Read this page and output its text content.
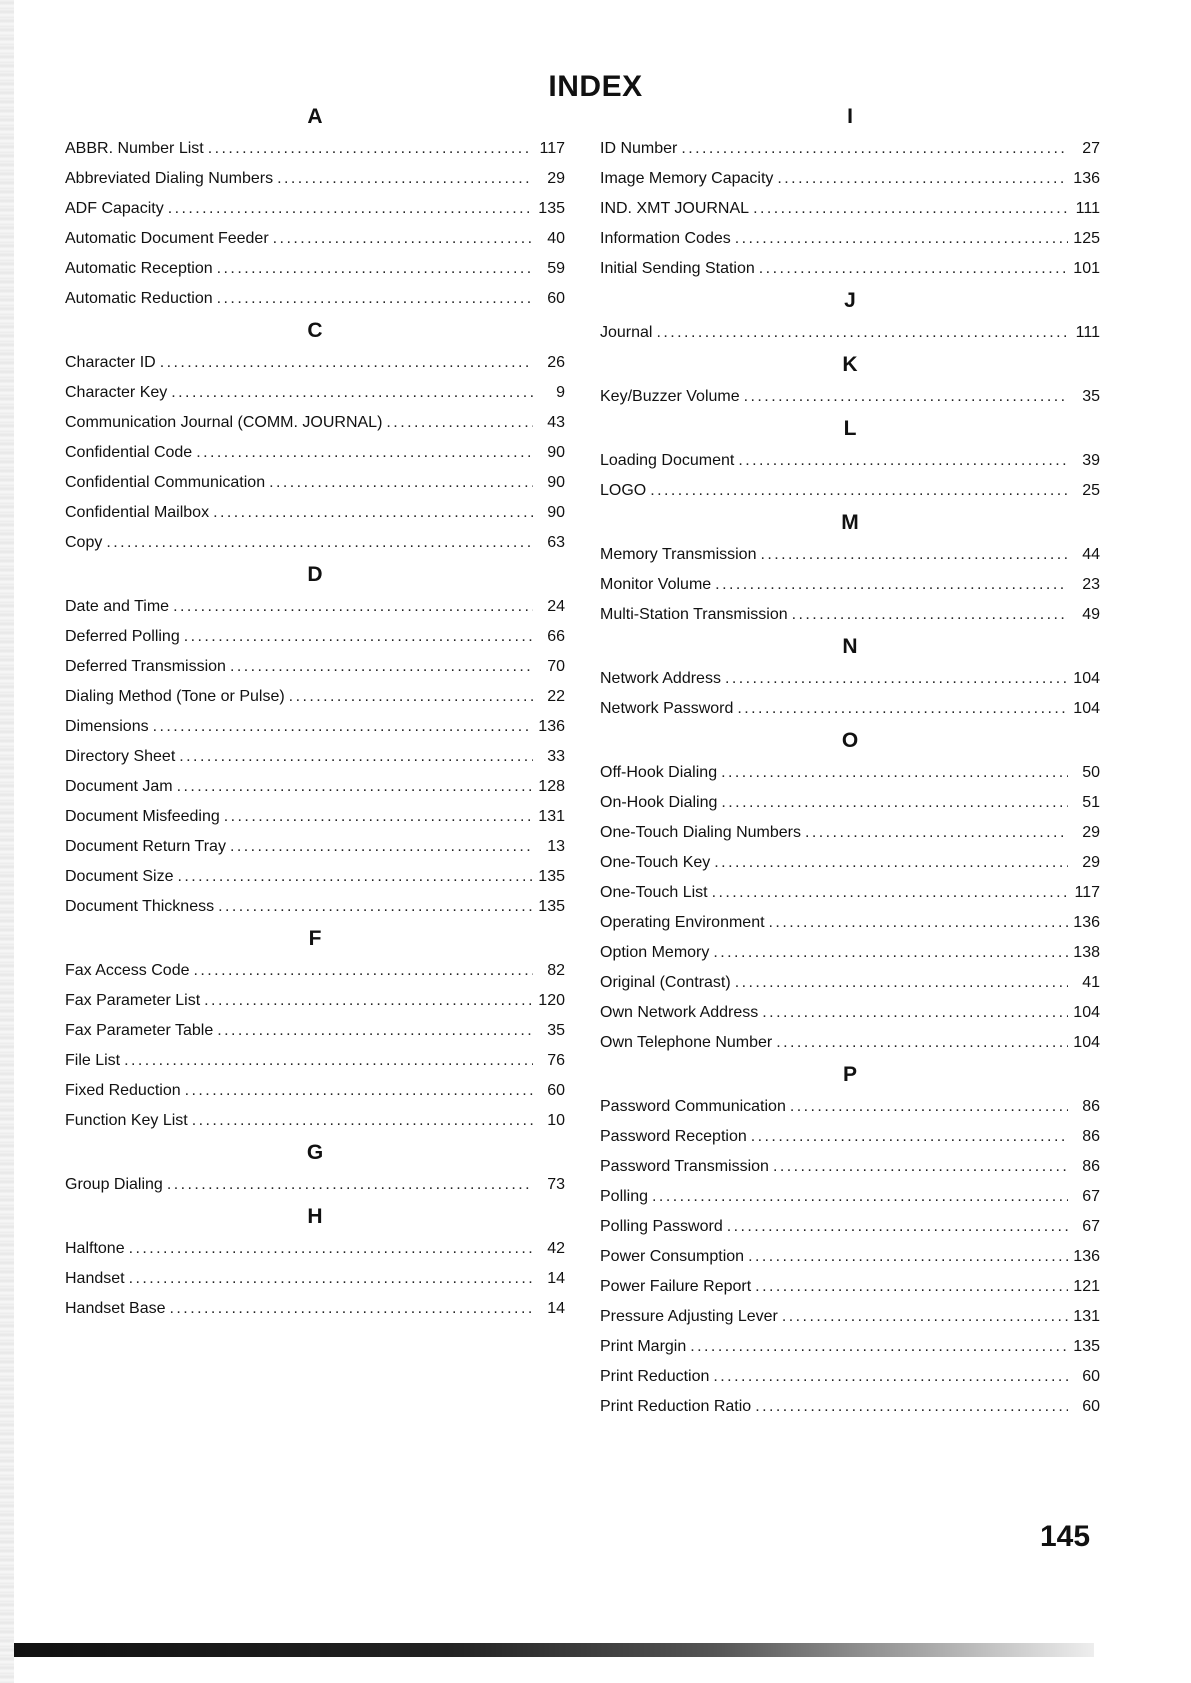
INDEX
A
ABBR. Number List . . .	117
Abbreviated Dialing Numbers . . .	29
ADF Capacity . . .	135
Automatic Document Feeder . . .	40
Automatic Reception . . .	59
Automatic Reduction . . .	60
C
Character ID . . .	26
Character Key . . .	9
Communication Journal (COMM. JOURNAL) . . .	43
Confidential Code . . .	90
Confidential Communication . . .	90
Confidential Mailbox . . .	90
Copy . . .	63
D
Date and Time . . .	24
Deferred Polling . . .	66
Deferred Transmission . . .	70
Dialing Method (Tone or Pulse) . . .	22
Dimensions . . .	136
Directory Sheet . . .	33
Document Jam . . .	128
Document Misfeeding . . .	131
Document Return Tray . . .	13
Document Size . . .	135
Document Thickness . . .	135
F
Fax Access Code . . .	82
Fax Parameter List . . .	120
Fax Parameter Table . . .	35
File List . . .	76
Fixed Reduction . . .	60
Function Key List . . .	10
G
Group Dialing . . .	73
H
Halftone . . .	42
Handset . . .	14
Handset Base . . .	14
I
ID Number . . .	27
Image Memory Capacity . . .	136
IND. XMT JOURNAL . . .	111
Information Codes . . .	125
Initial Sending Station . . .	101
J
Journal . . .	111
K
Key/Buzzer Volume . . .	35
L
Loading Document . . .	39
LOGO . . .	25
M
Memory Transmission . . .	44
Monitor Volume . . .	23
Multi-Station Transmission . . .	49
N
Network Address . . .	104
Network Password . . .	104
O
Off-Hook Dialing . . .	50
On-Hook Dialing . . .	51
One-Touch Dialing Numbers . . .	29
One-Touch Key . . .	29
One-Touch List . . .	117
Operating Environment . . .	136
Option Memory . . .	138
Original (Contrast) . . .	41
Own Network Address . . .	104
Own Telephone Number . . .	104
P
Password Communication . . .	86
Password Reception . . .	86
Password Transmission . . .	86
Polling . . .	67
Polling Password . . .	67
Power Consumption . . .	136
Power Failure Report . . .	121
Pressure Adjusting Lever . . .	131
Print Margin . . .	135
Print Reduction . . .	60
Print Reduction Ratio . . .	60
145
